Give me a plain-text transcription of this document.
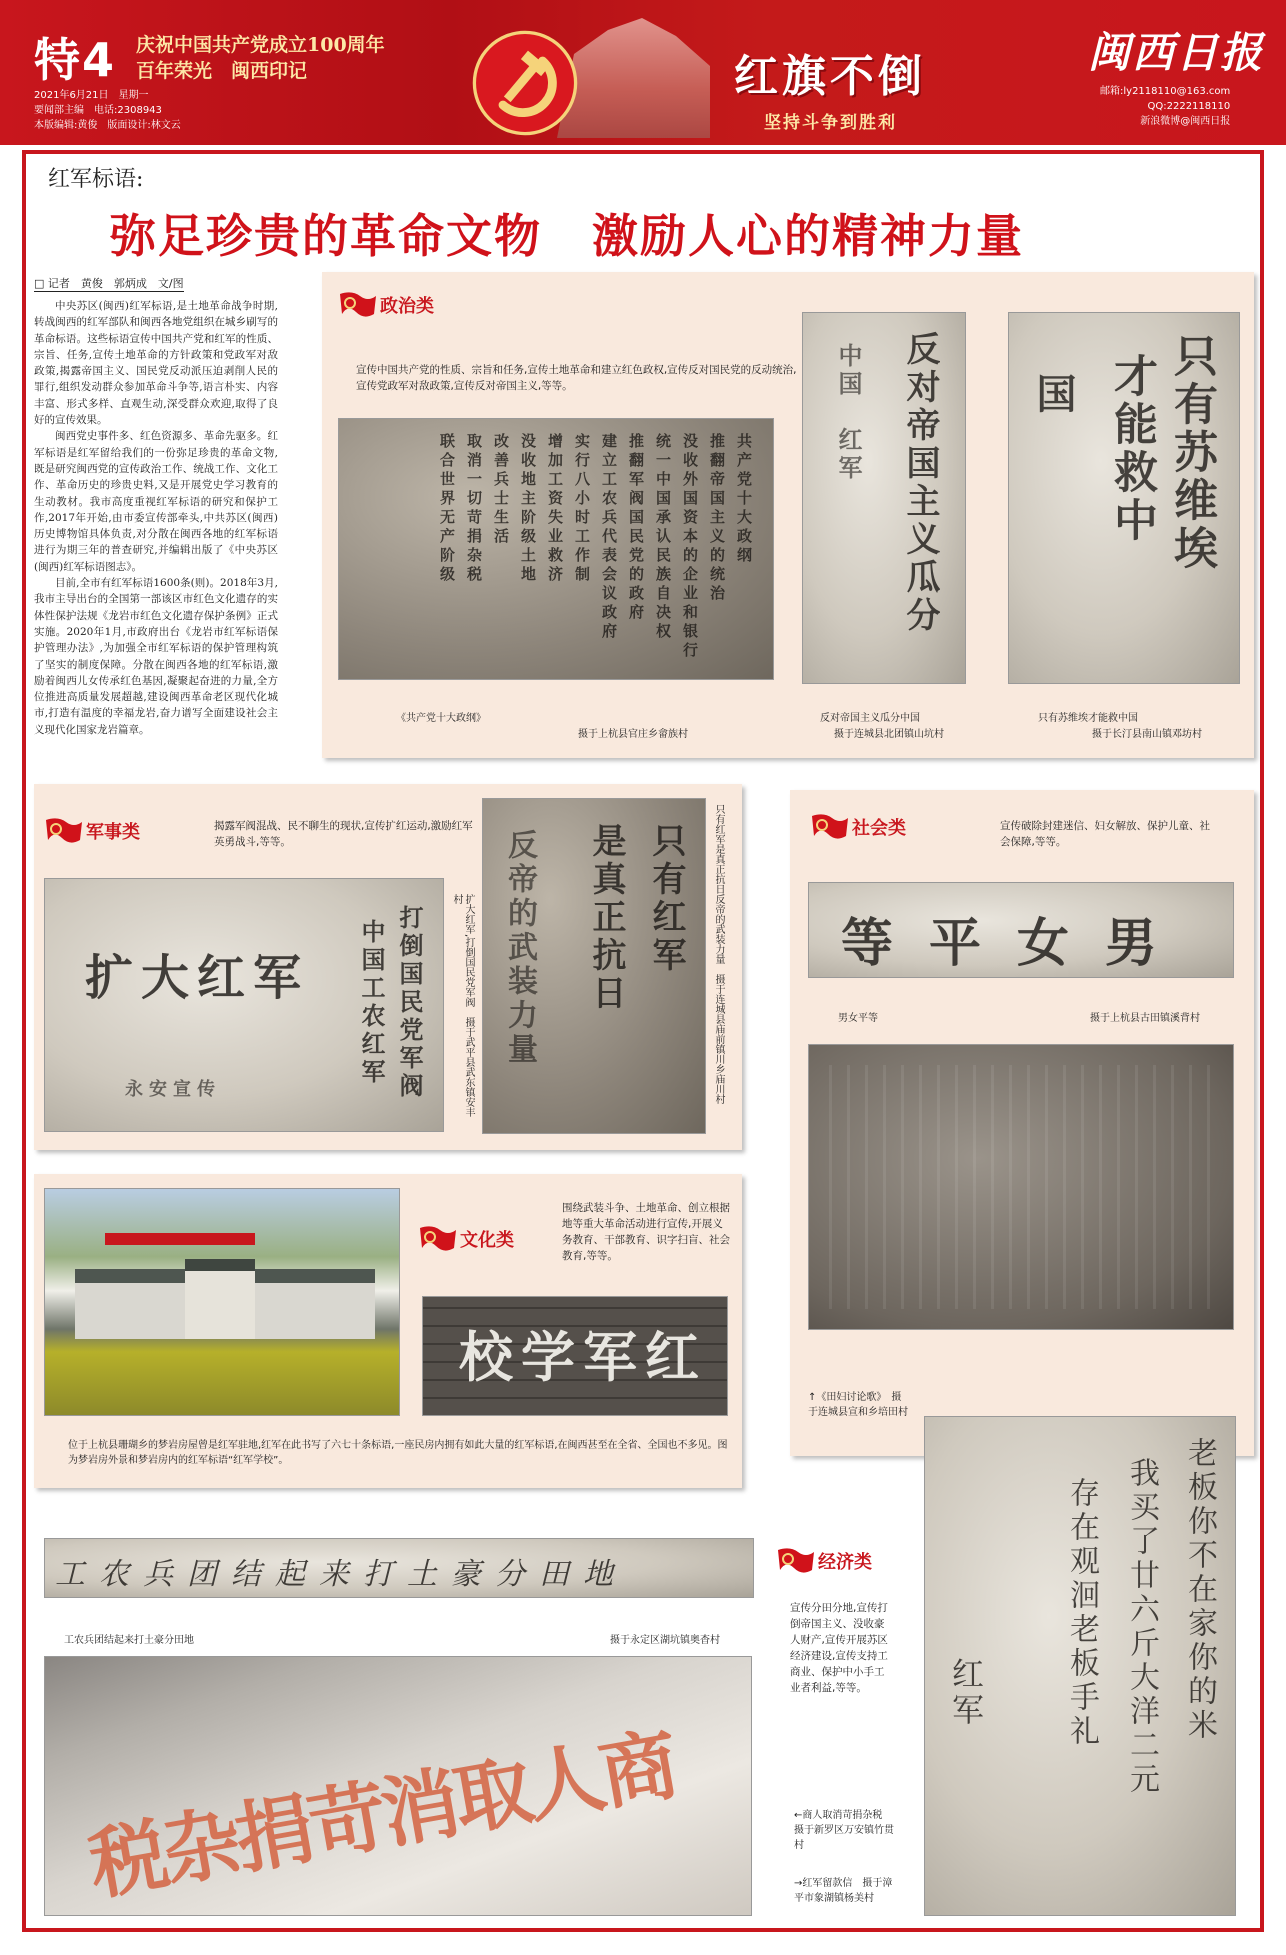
特4 庆祝中国共产党成立100周年
百年荣光　闽西印记
2021年6月21日　星期一
要闻部主编　电话:2308943
本版编辑:黄俊　版面设计:林文云
红旗不倒
坚持斗争到胜利
闽西日报
邮箱:ly2118110@163.com
QQ:2222118110
新浪微博@闽西日报
红军标语:
弥足珍贵的革命文物 激励人心的精神力量
□ 记者　黄俊　郭炳成　文/图

中央苏区(闽西)红军标语,是土地革命战争时期,转战闽西的红军部队和闽西各地党组织在城乡刷写的革命标语。这些标语宣传中国共产党和红军的性质、宗旨、任务,宣传土地革命的方针政策和党政军对敌政策,揭露帝国主义、国民党反动派压迫剥削人民的罪行,组织发动群众参加革命斗争等,语言朴实、内容丰富、形式多样、直观生动,深受群众欢迎,取得了良好的宣传效果。

闽西党史事件多、红色资源多、革命先驱多。红军标语是红军留给我们的一份弥足珍贵的革命文物,既是研究闽西党的宣传政治工作、统战工作、文化工作、革命历史的珍贵史料,又是开展党史学习教育的生动教材。我市高度重视红军标语的研究和保护工作,2017年开始,由市委宣传部牵头,中共苏区(闽西)历史博物馆具体负责,对分散在闽西各地的红军标语进行为期三年的普查研究,并编辑出版了《中央苏区(闽西)红军标语图志》。

目前,全市有红军标语1600条(则)。2018年3月,我市主导出台的全国第一部该区市红色文化遗存的实体性保护法规《龙岩市红色文化遗存保护条例》正式实施。2020年1月,市政府出台《龙岩市红军标语保护管理办法》,为加强全市红军标语的保护管理构筑了坚实的制度保障。分散在闽西各地的红军标语,激励着闽西儿女传承红色基因,凝聚起奋进的力量,全方位推进高质量发展超越,建设闽西革命老区现代化城市,打造有温度的幸福龙岩,奋力谱写全面建设社会主义现代化国家龙岩篇章。

政治类
宣传中国共产党的性质、宗旨和任务,宣传土地革命和建立红色政权,宣传反对国民党的反动统治,宣传党政军对敌政策,宣传反对帝国主义,等等。
共产党十大政纲
推翻帝国主义的统治
没收外国资本的企业和银行
统一中国承认民族自决权
推翻军阀国民党的政府
建立工农兵代表会议政府
实行八小时工作制
增加工资失业救济
没收地主阶级土地
改善兵士生活
取消一切苛捐杂税
联合世界无产阶级
《共产党十大政纲》
摄于上杭县官庄乡畲族村
反对帝国主义瓜分
中国　红军
反对帝国主义瓜分中国
摄于连城县北团镇山坑村
只有苏维埃
才能救中
国
只有苏维埃才能救中国
摄于长汀县南山镇邓坊村
军事类	揭露军阀混战、民不聊生的现状,宣传扩红运动,激励红军英勇战斗,等等。
扩大红军	打倒国民党军阀
中国工农红军
永安宣传	扩大红军,打倒国民党军阀　摄于武平县武东镇安丰村	只有红军
是真正抗日
反帝的武装力量	只有红军是真正抗日反帝的武装力量　摄于连城县庙前镇川乡庙川村	社会类	宣传破除封建迷信、妇女解放、保护儿童、社会保障,等等。
男女平等
男女平等	摄于上杭县古田镇溪背村
↑《田妇讨论歌》　摄于连城县宣和乡培田村
文化类
围绕武装斗争、土地革命、创立根据地等重大革命活动进行宣传,开展义务教育、干部教育、识字扫盲、社会教育,等等。
红军学校
位于上杭县珊瑚乡的梦岩房屋曾是红军驻地,红军在此书写了六七十条标语,一座民房内拥有如此大量的红军标语,在闽西甚至在全省、全国也不多见。图为梦岩房外景和梦岩房内的红军标语“红军学校”。
工农兵团结起来打土豪分田地
工农兵团结起来打土豪分田地	摄于永定区湖坑镇奥杳村
商人取消苛捐杂税
经济类
宣传分田分地,宣传打倒帝国主义、没收豪人财产,宣传开展苏区经济建设,宣传支持工商业、保护中小手工业者利益,等等。
←商人取消苛捐杂税　摄于新罗区万安镇竹贯村
→红军留款信　摄于漳平市象湖镇杨美村
老板你不在家你的米
我买了廿六斤大洋二元
存在观洄老板手礼
红军
